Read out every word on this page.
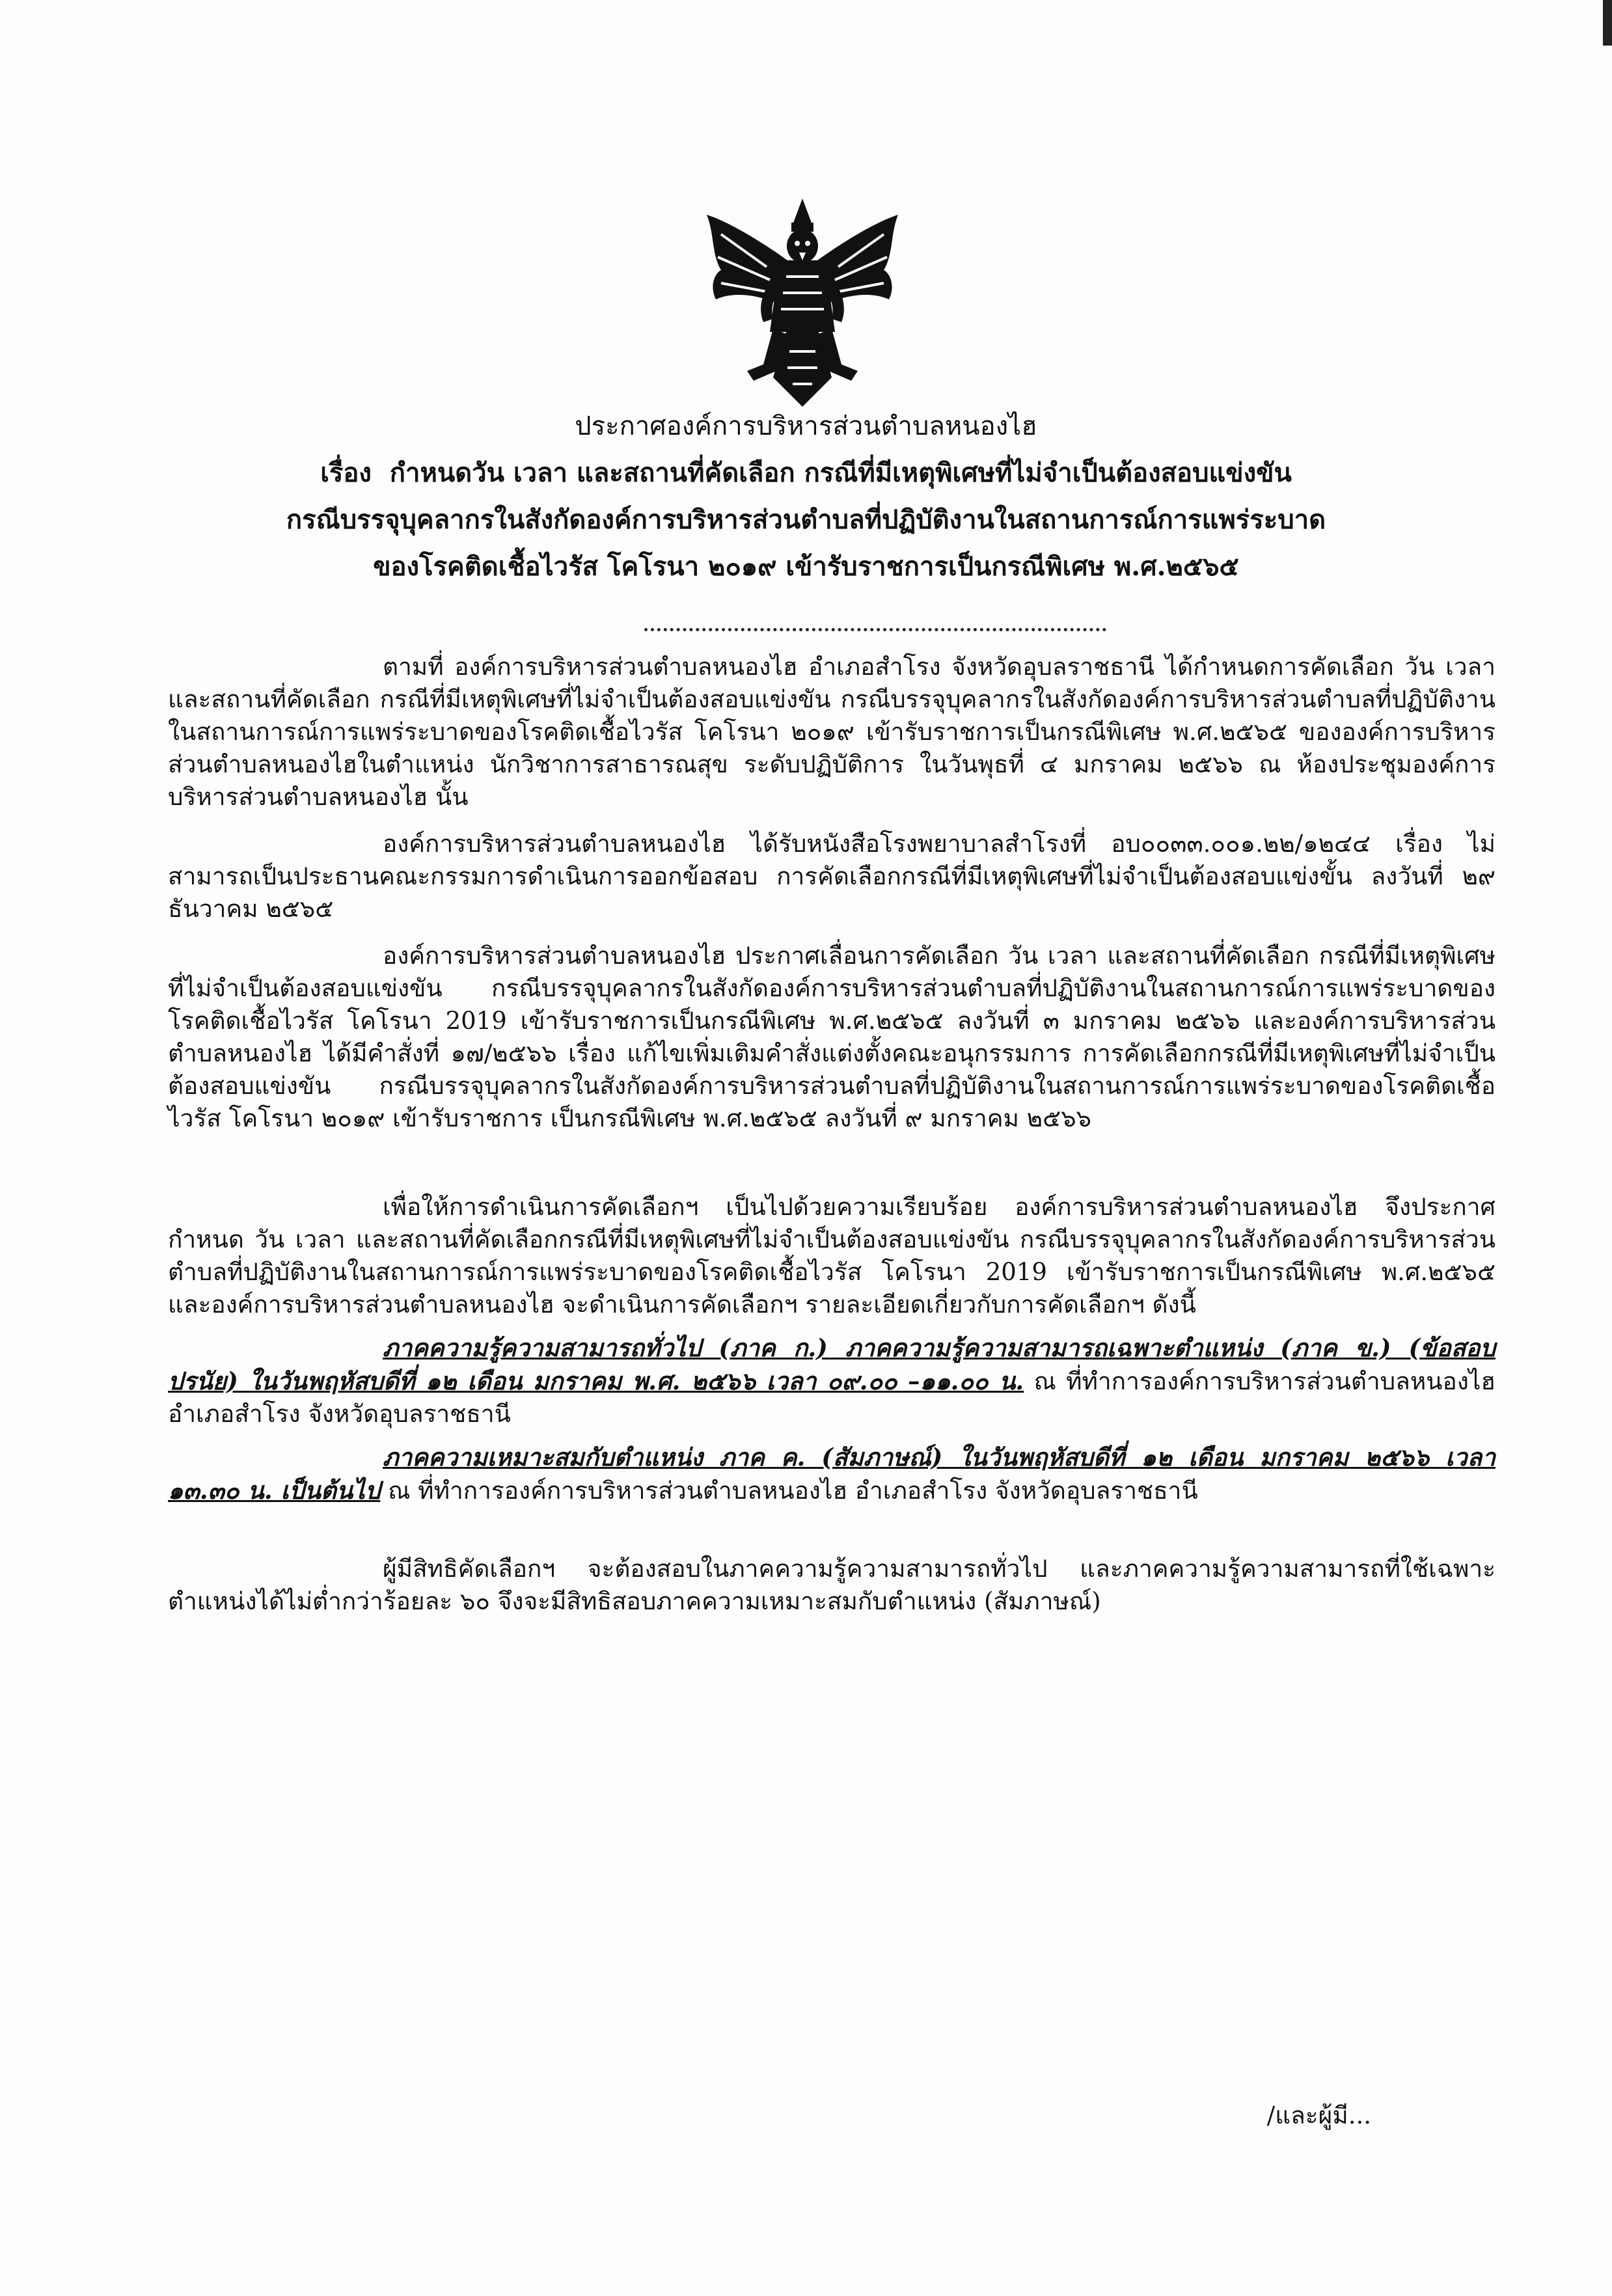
ประกาศองค์การบริหารส่วนตำบลหนองไฮ
เรื่อง กำหนดวัน เวลา และสถานที่คัดเลือก กรณีที่มีเหตุพิเศษที่ไม่จำเป็นต้องสอบแข่งขัน
กรณีบรรจุบุคลากรในสังกัดองค์การบริหารส่วนตำบลที่ปฏิบัติงานในสถานการณ์การแพร่ระบาด
ของโรคติดเชื้อไวรัส โคโรนา ๒๐๑๙ เข้ารับราชการเป็นกรณีพิเศษ พ.ศ.๒๕๖๕

ตามที่ องค์การบริหารส่วนตำบลหนองไฮ อำเภอสำโรง จังหวัดอุบลราชธานี ได้กำหนดการคัดเลือก วัน เวลา และสถานที่คัดเลือก กรณีที่มีเหตุพิเศษที่ไม่จำเป็นต้องสอบแข่งขัน กรณีบรรจุบุคลากรในสังกัดองค์การบริหารส่วนตำบลที่ปฏิบัติงานในสถานการณ์การแพร่ระบาดของโรคติดเชื้อไวรัส โคโรนา ๒๐๑๙ เข้ารับราชการเป็นกรณีพิเศษ พ.ศ.๒๕๖๕ ขององค์การบริหารส่วนตำบลหนองไฮในตำแหน่ง นักวิชาการสาธารณสุข ระดับปฏิบัติการ ในวันพุธที่ ๔ มกราคม ๒๕๖๖ ณ ห้องประชุมองค์การบริหารส่วนตำบลหนองไฮ นั้น

องค์การบริหารส่วนตำบลหนองไฮ ได้รับหนังสือโรงพยาบาลสำโรงที่ อบ๐๐๓๓.๐๐๑.๒๒/๑๒๔๔ เรื่อง ไม่สามารถเป็นประธานคณะกรรมการดำเนินการออกข้อสอบ การคัดเลือกกรณีที่มีเหตุพิเศษที่ไม่จำเป็นต้องสอบแข่งขั้น ลงวันที่ ๒๙ ธันวาคม ๒๕๖๕

องค์การบริหารส่วนตำบลหนองไฮ ประกาศเลื่อนการคัดเลือก วัน เวลา และสถานที่คัดเลือก กรณีที่มีเหตุพิเศษที่ไม่จำเป็นต้องสอบแข่งขัน กรณีบรรจุบุคลากรในสังกัดองค์การบริหารส่วนตำบลที่ปฏิบัติงานในสถานการณ์การแพร่ระบาดของโรคติดเชื้อไวรัส โคโรนา 2019 เข้ารับราชการเป็นกรณีพิเศษ พ.ศ.๒๕๖๕ ลงวันที่ ๓ มกราคม ๒๕๖๖ และองค์การบริหารส่วนตำบลหนองไฮ ได้มีคำสั่งที่ ๑๗/๒๕๖๖ เรื่อง แก้ไขเพิ่มเติมคำสั่งแต่งตั้งคณะอนุกรรมการ การคัดเลือกกรณีที่มีเหตุพิเศษที่ไม่จำเป็นต้องสอบแข่งขัน กรณีบรรจุบุคลากรในสังกัดองค์การบริหารส่วนตำบลที่ปฏิบัติงานในสถานการณ์การแพร่ระบาดของโรคติดเชื้อไวรัส โคโรนา ๒๐๑๙ เข้ารับราชการ เป็นกรณีพิเศษ พ.ศ.๒๕๖๕ ลงวันที่ ๙ มกราคม ๒๕๖๖

เพื่อให้การดำเนินการคัดเลือกฯ เป็นไปด้วยความเรียบร้อย องค์การบริหารส่วนตำบลหนองไฮ จึงประกาศกำหนด วัน เวลา และสถานที่คัดเลือกกรณีที่มีเหตุพิเศษที่ไม่จำเป็นต้องสอบแข่งขัน กรณีบรรจุบุคลากรในสังกัดองค์การบริหารส่วนตำบลที่ปฏิบัติงานในสถานการณ์การแพร่ระบาดของโรคติดเชื้อไวรัส โคโรนา 2019 เข้ารับราชการเป็นกรณีพิเศษ พ.ศ.๒๕๖๕ และองค์การบริหารส่วนตำบลหนองไฮ จะดำเนินการคัดเลือกฯ รายละเอียดเกี่ยวกับการคัดเลือกฯ ดังนี้

ภาคความรู้ความสามารถทั่วไป (ภาค ก.) ภาคความรู้ความสามารถเฉพาะตำแหน่ง (ภาค ข.) (ข้อสอบปรนัย) ในวันพฤหัสบดีที่ ๑๒ เดือน มกราคม พ.ศ. ๒๕๖๖ เวลา ๐๙.๐๐ –๑๑.๐๐ น. ณ ที่ทำการองค์การบริหารส่วนตำบลหนองไฮ อำเภอสำโรง จังหวัดอุบลราชธานี

ภาคความเหมาะสมกับตำแหน่ง ภาค ค. (สัมภาษณ์) ในวันพฤหัสบดีที่ ๑๒ เดือน มกราคม ๒๕๖๖ เวลา ๑๓.๓๐ น. เป็นต้นไป ณ ที่ทำการองค์การบริหารส่วนตำบลหนองไฮ อำเภอสำโรง จังหวัดอุบลราชธานี

ผู้มีสิทธิคัดเลือกฯ จะต้องสอบในภาคความรู้ความสามารถทั่วไป และภาคความรู้ความสามารถที่ใช้เฉพาะตำแหน่งได้ไม่ต่ำกว่าร้อยละ ๖๐ จึงจะมีสิทธิสอบภาคความเหมาะสมกับตำแหน่ง (สัมภาษณ์)

/และผู้มี...
